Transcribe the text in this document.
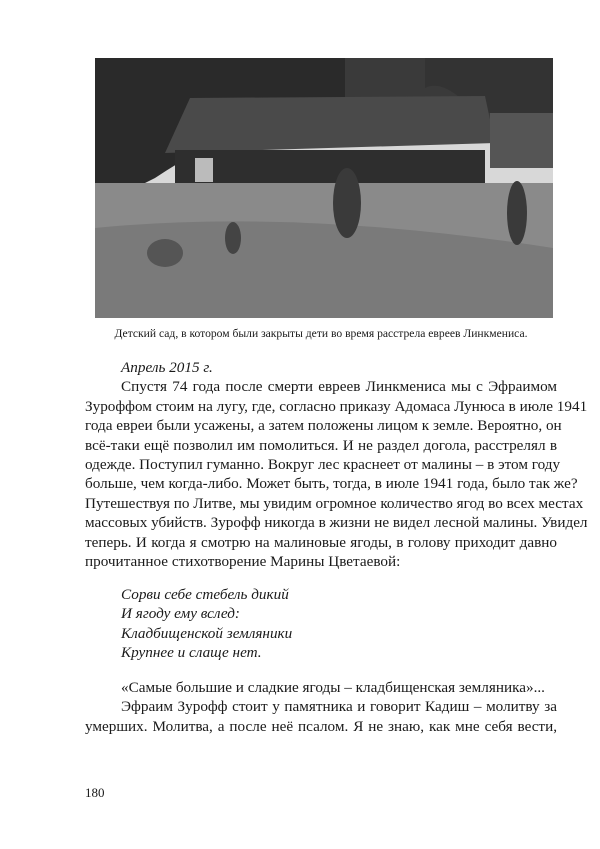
Детский сад, в котором были закрыты дети во время расстрела евреев Линкмениса.
Апрель 2015 г.
Спустя 74 года после смерти евреев Линкмениса мы с Эфраимом
Зуроффом стоим на лугу, где, согласно приказу Адомаса Лунюса в июле 1941
года евреи были усажены, а затем положены лицом к земле. Вероятно, он
всё-таки ещё позволил им помолиться. И не раздел догола, расстрелял в
одежде. Поступил гуманно. Вокруг лес краснеет от малины – в этом году
больше, чем когда-либо. Может быть, тогда, в июле 1941 года, было так же?
Путешествуя по Литве, мы увидим огромное количество ягод во всех местах
массовых убийств. Зурофф никогда в жизни не видел лесной малины. Увидел
теперь. И когда я смотрю на малиновые ягоды, в голову приходит давно
прочитанное стихотворение Марины Цветаевой:
Сорви себе стебель дикий
И ягоду ему вслед:
Кладбищенской земляники
Крупнее и слаще нет.
«Самые большие и сладкие ягоды – кладбищенская земляника»...
Эфраим Зурофф стоит у памятника и говорит Кадиш – молитву за
умерших. Молитва, а после неё псалом. Я не знаю, как мне себя вести,
180
